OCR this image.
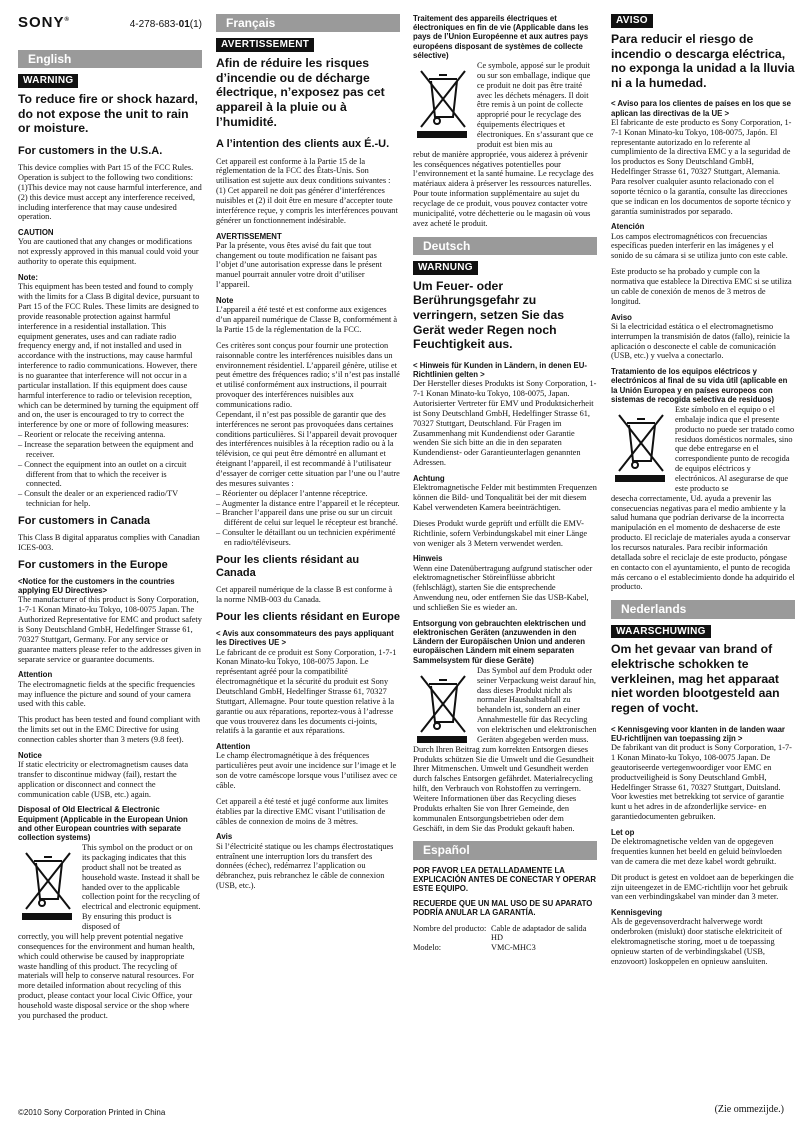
SONY®	4-278-683-01(1)
English
WARNING
To reduce fire or shock hazard, do not expose the unit to rain or moisture.
For customers in the U.S.A.
This device complies with Part 15 of the FCC Rules. Operation is subject to the following two conditions:
(1)This device may not cause harmful interference, and (2) this device must accept any interference received, including interference that may cause undesired operation.
CAUTION
You are cautioned that any changes or modifications not expressly approved in this manual could void your authority to operate this equipment.
Note:
This equipment has been tested and found to comply with the limits for a Class B digital device, pursuant to Part 15 of the FCC Rules. These limits are designed to provide reasonable protection against harmful interference in a residential installation. This equipment generates, uses and can radiate radio frequency energy and, if not installed and used in accordance with the instructions, may cause harmful interference to radio communications. However, there is no guarantee that interference will not occur in a particular installation. If this equipment does cause harmful interference to radio or television reception, which can be determined by turning the equipment off and on, the user is encouraged to try to correct the interference by one or more of following measures:
– Reorient or relocate the receiving antenna.
– Increase the separation between the equipment and receiver.
– Connect the equipment into an outlet on a circuit different from that to which the receiver is connected.
– Consult the dealer or an experienced radio/TV technician for help.
For customers in Canada
This Class B digital apparatus complies with Canadian ICES-003.
For customers in the Europe
<Notice for the customers in the countries applying EU Directives>
The manufacturer of this product is Sony Corporation, 1-7-1 Konan Minato-ku Tokyo, 108-0075 Japan. The Authorized Representative for EMC and product safety is Sony Deutschland GmbH, Hedelfinger Strasse 61, 70327 Stuttgart, Germany. For any service or guarantee matters please refer to the addresses given in separate service or guarantee documents.
Attention
The electromagnetic fields at the specific frequencies may influence the picture and sound of your camera used with this cable.
This product has been tested and found compliant with the limits set out in the EMC Directive for using connection cables shorter than 3 meters (9.8 feet).
Notice
If static electricity or electromagnetism causes data transfer to discontinue midway (fail), restart the application or disconnect and connect the communication cable (USB, etc.) again.
Disposal of Old Electrical & Electronic Equipment (Applicable in the European Union and other European countries with separate collection systems)
This symbol on the product or on its packaging indicates that this product shall not be treated as household waste. Instead it shall be handed over to the applicable collection point for the recycling of electrical and electronic equipment. By ensuring this product is disposed of
correctly, you will help prevent potential negative consequences for the environment and human health, which could otherwise be caused by inappropriate waste handling of this product. The recycling of materials will help to conserve natural resources. For more detailed information about recycling of this product, please contact your local Civic Office, your household waste disposal service or the shop where you purchased the product.
Français
AVERTISSEMENT
Afin de réduire les risques d’incendie ou de décharge électrique, n’exposez pas cet appareil à la pluie ou à l’humidité.
A l’intention des clients aux É.-U.
Cet appareil est conforme à la Partie 15 de la réglementation de la FCC des États-Unis. Son utilisation est sujette aux deux conditions suivantes : (1) Cet appareil ne doit pas générer d’interférences nuisibles et (2) il doit être en mesure d’accepter toute interférence reçue, y compris les interférences pouvant générer un fonctionnement indésirable.
AVERTISSEMENT
Par la présente, vous êtes avisé du fait que tout changement ou toute modification ne faisant pas l’objet d’une autorisation expresse dans le présent manuel pourrait annuler votre droit d’utiliser l’appareil.
Note
L’appareil a été testé et est conforme aux exigences d’un appareil numérique de Classe B, conformément à la Partie 15 de la réglementation de la FCC.
Ces critères sont conçus pour fournir une protection raisonnable contre les interférences nuisibles dans un environnement résidentiel. L’appareil génère, utilise et peut émettre des fréquences radio; s’il n’est pas installé et utilisé conformément aux instructions, il pourrait provoquer des interférences nuisibles aux communications radio.
Cependant, il n’est pas possible de garantir que des interférences ne seront pas provoquées dans certaines conditions particulières. Si l’appareil devait provoquer des interférences nuisibles à la réception radio ou à la télévision, ce qui peut être démontré en allumant et éteignant l’appareil, il est recommandé à l’utilisateur d’essayer de corriger cette situation par l’une ou l’autre des mesures suivantes :
– Réorienter ou déplacer l’antenne réceptrice.
– Augmenter la distance entre l’appareil et le récepteur.
– Brancher l’appareil dans une prise ou sur un circuit différent de celui sur lequel le récepteur est branché.
– Consulter le détaillant ou un technicien expérimenté en radio/téléviseurs.
Pour les clients résidant au Canada
Cet appareil numérique de la classe B est conforme à la norme NMB-003 du Canada.
Pour les clients résidant en Europe
< Avis aux consommateurs des pays appliquant les Directives UE >
Le fabricant de ce produit est Sony Corporation, 1-7-1 Konan Minato-ku Tokyo, 108-0075 Japon. Le représentant agréé pour la compatibilité électromagnétique et la sécurité du produit est Sony Deutschland GmbH, Hedelfinger Strasse 61, 70327 Stuttgart, Allemagne. Pour toute question relative à la garantie ou aux réparations, reportez-vous à l’adresse que vous trouverez dans les documents ci-joints, relatifs à la garantie et aux réparations.
Attention
Le champ électromagnétique à des fréquences particulières peut avoir une incidence sur l’image et le son de votre caméscope lorsque vous l’utilisez avec ce câble.
Cet appareil a été testé et jugé conforme aux limites établies par la directive EMC visant l’utilisation de câbles de connexion de moins de 3 mètres.
Avis
Si l’électricité statique ou les champs électrostatiques entraînent une interruption lors du transfert des données (échec), redémarrez l’application ou débranchez, puis rebranchez le câble de connexion (USB, etc.).
Traitement des appareils électriques et électroniques en fin de vie (Applicable dans les pays de l’Union Européenne et aux autres pays européens disposant de systèmes de collecte sélective)
Ce symbole, apposé sur le produit ou sur son emballage, indique que ce produit ne doit pas être traité avec les déchets ménagers. Il doit être remis à un point de collecte approprié pour le recyclage des équipements électriques et électroniques. En s’assurant que ce produit est bien mis au
rebut de manière appropriée, vous aiderez à prévenir les conséquences négatives potentielles pour l’environnement et la santé humaine. Le recyclage des matériaux aidera à préserver les ressources naturelles. Pour toute information supplémentaire au sujet du recyclage de ce produit, vous pouvez contacter votre municipalité, votre déchetterie ou le magasin où vous avez acheté le produit.
Deutsch
WARNUNG
Um Feuer- oder Berührungsgefahr zu verringern, setzen Sie das Gerät weder Regen noch Feuchtigkeit aus.
< Hinweis für Kunden in Ländern, in denen EU-Richtlinien gelten >
Der Hersteller dieses Produkts ist Sony Corporation, 1-7-1 Konan Minato-ku Tokyo, 108-0075, Japan. Autorisierter Vertreter für EMV und Produktsicherheit ist Sony Deutschland GmbH, Hedelfinger Strasse 61, 70327 Stuttgart, Deutschland. Für Fragen im Zusammenhang mit Kundendienst oder Garantie wenden Sie sich bitte an die in den separaten Kundendienst- oder Garantieunterlagen genannten Adressen.
Achtung
Elektromagnetische Felder mit bestimmten Frequenzen können die Bild- und Tonqualität bei der mit diesem Kabel verwendeten Kamera beeinträchtigen.
Dieses Produkt wurde geprüft und erfüllt die EMV-Richtlinie, sofern Verbindungskabel mit einer Länge von weniger als 3 Metern verwendet werden.
Hinweis
Wenn eine Datenübertragung aufgrund statischer oder elektromagnetischer Störeinflüsse abbricht (fehlschlägt), starten Sie die entsprechende Anwendung neu, oder entfernen Sie das USB-Kabel, und schließen Sie es wieder an.
Entsorgung von gebrauchten elektrischen und elektronischen Geräten (anzuwenden in den Ländern der Europäischen Union und anderen europäischen Ländern mit einem separaten Sammelsystem für diese Geräte)
Das Symbol auf dem Produkt oder seiner Verpackung weist darauf hin, dass dieses Produkt nicht als normaler Haushaltsabfall zu behandeln ist, sondern an einer Annahmestelle für das Recycling von elektrischen und elektronischen Geräten abgegeben werden muss.
Durch Ihren Beitrag zum korrekten Entsorgen dieses Produkts schützen Sie die Umwelt und die Gesundheit Ihrer Mitmenschen. Umwelt und Gesundheit werden durch falsches Entsorgen gefährdet. Materialrecycling hilft, den Verbrauch von Rohstoffen zu verringern. Weitere Informationen über das Recycling dieses Produkts erhalten Sie von Ihrer Gemeinde, den kommunalen Entsorgungsbetrieben oder dem Geschäft, in dem Sie das Produkt gekauft haben.
Español
POR FAVOR LEA DETALLADAMENTE LA EXPLICACIÓN ANTES DE CONECTAR Y OPERAR ESTE EQUIPO.
RECUERDE QUE UN MAL USO DE SU APARATO PODRÍA ANULAR LA GARANTÍA.
Nombre del producto: Cable de adaptador de salida HD
Modelo:	VMC-MHC3
AVISO
Para reducir el riesgo de incendio o descarga eléctrica, no exponga la unidad a la lluvia ni a la humedad.
< Aviso para los clientes de países en los que se aplican las directivas de la UE >
El fabricante de este producto es Sony Corporation, 1-7-1 Konan Minato-ku Tokyo, 108-0075, Japón. El representante autorizado en lo referente al cumplimiento de la directiva EMC y a la seguridad de los productos es Sony Deutschland GmbH, Hedelfinger Strasse 61, 70327 Stuttgart, Alemania. Para resolver cualquier asunto relacionado con el soporte técnico o la garantía, consulte las direcciones que se indican en los documentos de soporte técnico y garantía suministrados por separado.
Atención
Los campos electromagnéticos con frecuencias específicas pueden interferir en las imágenes y el sonido de su cámara si se utiliza junto con este cable.
Este producto se ha probado y cumple con la normativa que establece la Directiva EMC si se utiliza un cable de conexión de menos de 3 metros de longitud.
Aviso
Si la electricidad estática o el electromagnetismo interrumpen la transmisión de datos (fallo), reinicie la aplicación o desconecte el cable de comunicación (USB, etc.) y vuelva a conectarlo.
Tratamiento de los equipos eléctricos y electrónicos al final de su vida útil (aplicable en la Unión Europea y en países europeos con sistemas de recogida selectiva de residuos)
Este símbolo en el equipo o el embalaje indica que el presente producto no puede ser tratado como residuos domésticos normales, sino que debe entregarse en el correspondiente punto de recogida de equipos eléctricos y electrónicos. Al asegurarse de que este producto se
desecha correctamente, Ud. ayuda a prevenir las consecuencias negativas para el medio ambiente y la salud humana que podrían derivarse de la incorrecta manipulación en el momento de deshacerse de este producto. El reciclaje de materiales ayuda a conservar los recursos naturales. Para recibir información detallada sobre el reciclaje de este producto, póngase en contacto con el ayuntamiento, el punto de recogida más cercano o el establecimiento donde ha adquirido el producto.
Nederlands
WAARSCHUWING
Om het gevaar van brand of elektrische schokken te verkleinen, mag het apparaat niet worden blootgesteld aan regen of vocht.
< Kennisgeving voor klanten in de landen waar EU-richtlijnen van toepassing zijn >
De fabrikant van dit product is Sony Corporation, 1-7-1 Konan Minato-ku Tokyo, 108-0075 Japan. De geautoriseerde vertegenwoordiger voor EMC en productveiligheid is Sony Deutschland GmbH, Hedelfinger Strasse 61, 70327 Stuttgart, Duitsland. Voor kwesties met betrekking tot service of garantie kunt u het adres in de afzonderlijke service- en garantiedocumenten gebruiken.
Let op
De elektromagnetische velden van de opgegeven frequenties kunnen het beeld en geluid beïnvloeden van de camera die met deze kabel wordt gebruikt.
Dit product is getest en voldoet aan de beperkingen die zijn uiteengezet in de EMC-richtlijn voor het gebruik van een verbindingskabel van minder dan 3 meter.
Kennisgeving
Als de gegevensoverdracht halverwege wordt onderbroken (mislukt) door statische elektriciteit of elektromagnetische storing, moet u de toepassing opnieuw starten of de verbindingskabel (USB, enzovoort) loskoppelen en opnieuw aansluiten.
©2010 Sony Corporation Printed in China	(Zie ommezijde.)
